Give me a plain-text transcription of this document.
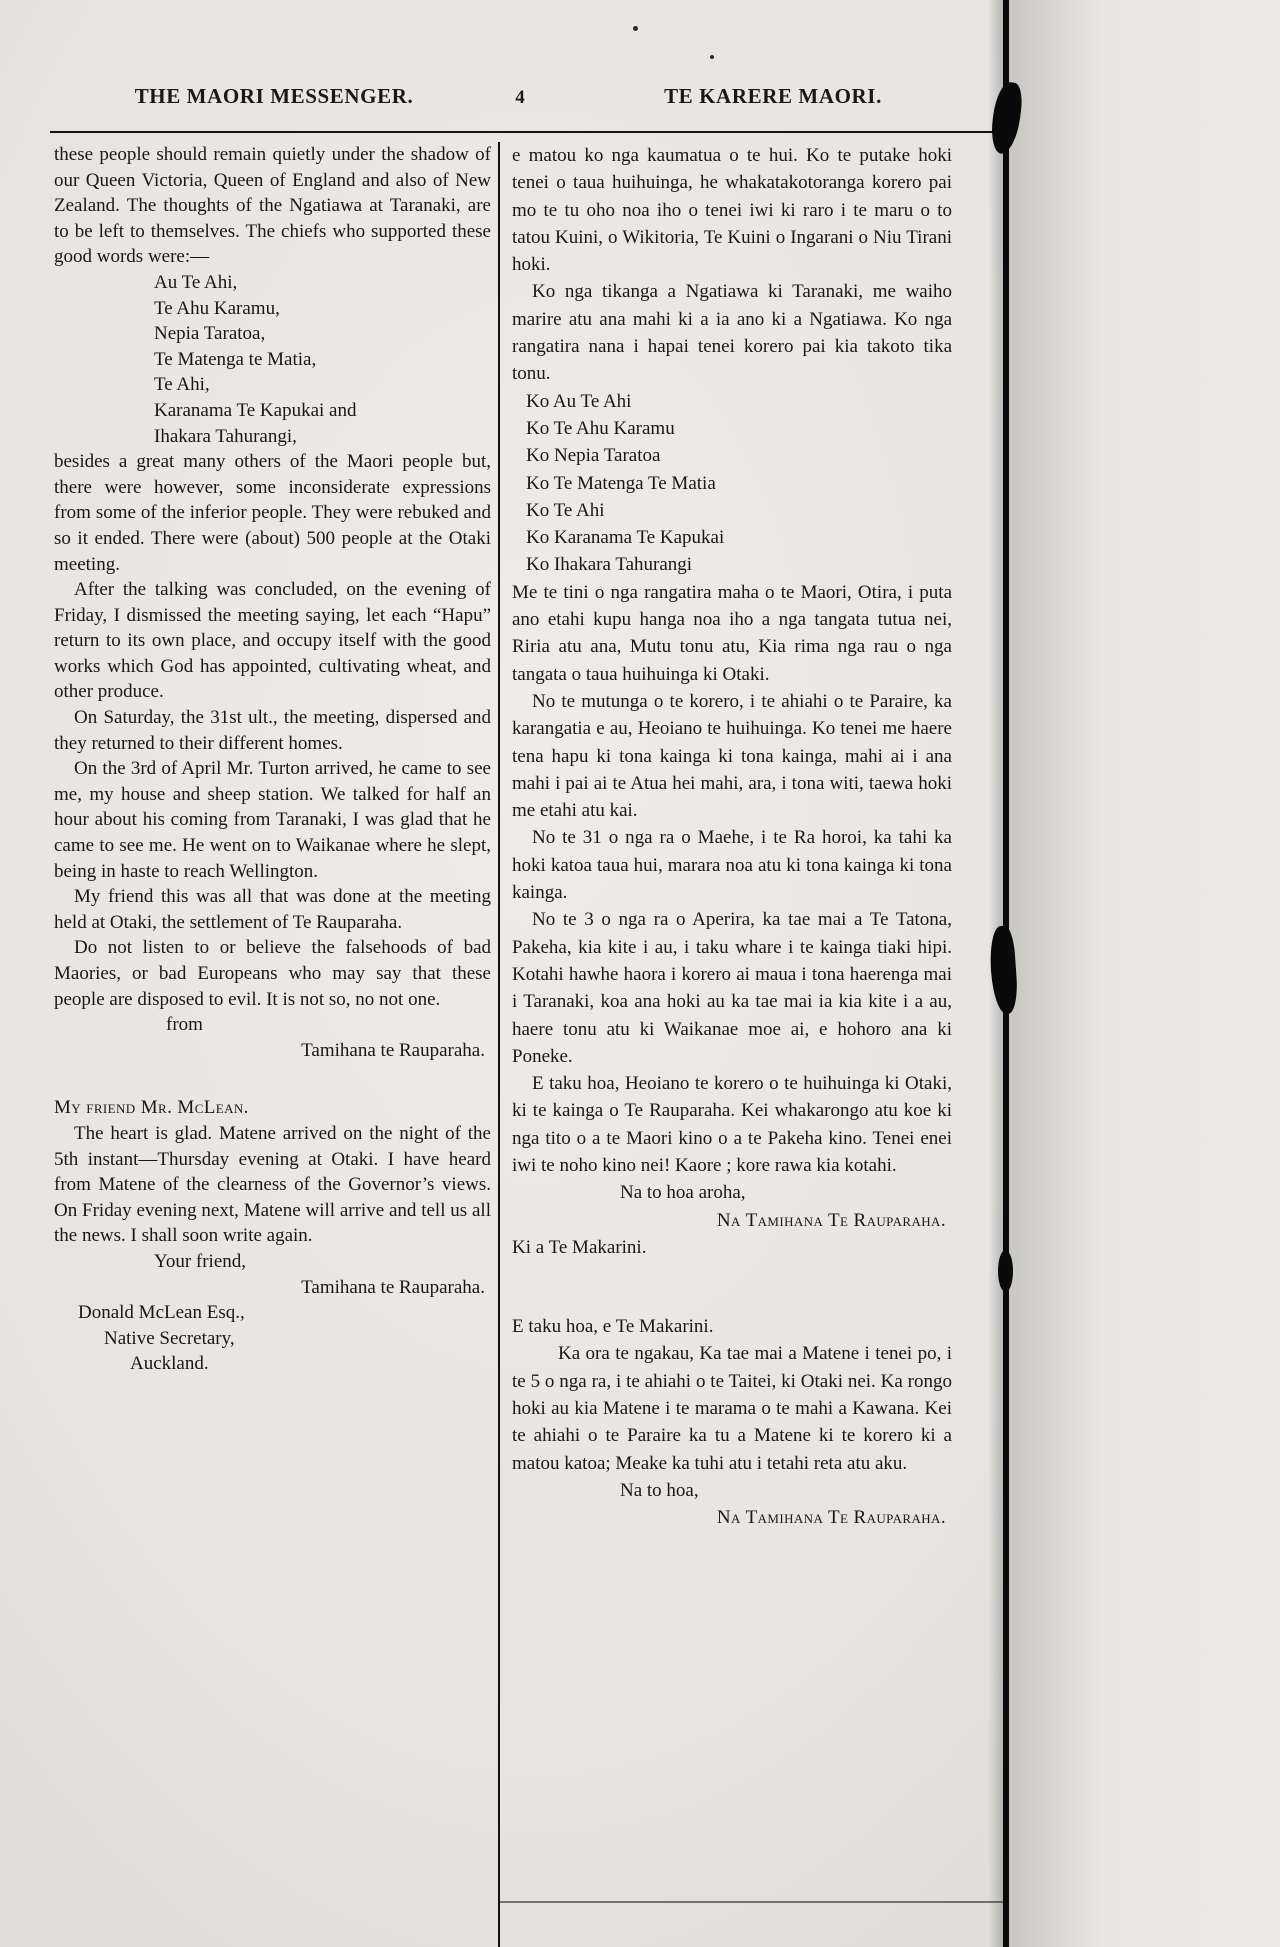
THE MAORI MESSENGER.	4	TE KARERE MAORI.

these people should remain quietly under the shadow of our Queen Victoria, Queen of England and also of New Zealand. The thoughts of the Ngatiawa at Taranaki, are to be left to themselves. The chiefs who supported these good words were:—

Au Te Ahi,
Te Ahu Karamu,
Nepia Taratoa,
Te Matenga te Matia,
Te Ahi,
Karanama Te Kapukai and
Ihakara Tahurangi,

besides a great many others of the Maori people but, there were however, some inconsiderate expressions from some of the inferior people. They were rebuked and so it ended. There were (about) 500 people at the Otaki meeting.

After the talking was concluded, on the evening of Friday, I dismissed the meeting saying, let each “Hapu” return to its own place, and occupy itself with the good works which God has appointed, cultivating wheat, and other produce.

On Saturday, the 31st ult., the meeting, dispersed and they returned to their different homes.

On the 3rd of April Mr. Turton arrived, he came to see me, my house and sheep station. We talked for half an hour about his coming from Taranaki, I was glad that he came to see me. He went on to Waikanae where he slept, being in haste to reach Wellington.

My friend this was all that was done at the meeting held at Otaki, the settlement of Te Rauparaha.

Do not listen to or believe the falsehoods of bad Maories, or bad Europeans who may say that these people are disposed to evil. It is not so, no not one.

from

Tamihana te Rauparaha.

My friend Mr. McLean.

The heart is glad. Matene arrived on the night of the 5th instant—Thursday evening at Otaki. I have heard from Matene of the clearness of the Governor’s views. On Friday evening next, Matene will arrive and tell us all the news. I shall soon write again.

Your friend,

Tamihana te Rauparaha.

Donald McLean Esq.,

Native Secretary,

Auckland.

e matou ko nga kaumatua o te hui. Ko te putake hoki tenei o taua huihuinga, he whakatakotoranga korero pai mo te tu oho noa iho o tenei iwi ki raro i te maru o to tatou Kuini, o Wikitoria, Te Kuini o Ingarani o Niu Tirani hoki.

Ko nga tikanga a Ngatiawa ki Taranaki, me waiho marire atu ana mahi ki a ia ano ki a Ngatiawa. Ko nga rangatira nana i hapai tenei korero pai kia takoto tika tonu.

Ko Au Te Ahi
Ko Te Ahu Karamu
Ko Nepia Taratoa
Ko Te Matenga Te Matia
Ko Te Ahi
Ko Karanama Te Kapukai
Ko Ihakara Tahurangi

Me te tini o nga rangatira maha o te Maori, Otira, i puta ano etahi kupu hanga noa iho a nga tangata tutua nei, Riria atu ana, Mutu tonu atu, Kia rima nga rau o nga tangata o taua huihuinga ki Otaki.

No te mutunga o te korero, i te ahiahi o te Paraire, ka karangatia e au, Heoiano te huihuinga. Ko tenei me haere tena hapu ki tona kainga ki tona kainga, mahi ai i ana mahi i pai ai te Atua hei mahi, ara, i tona witi, taewa hoki me etahi atu kai.

No te 31 o nga ra o Maehe, i te Ra horoi, ka tahi ka hoki katoa taua hui, marara noa atu ki tona kainga ki tona kainga.

No te 3 o nga ra o Aperira, ka tae mai a Te Tatona, Pakeha, kia kite i au, i taku whare i te kainga tiaki hipi. Kotahi hawhe haora i korero ai maua i tona haerenga mai i Taranaki, koa ana hoki au ka tae mai ia kia kite i a au, haere tonu atu ki Waikanae moe ai, e hohoro ana ki Poneke.

E taku hoa, Heoiano te korero o te huihuinga ki Otaki, ki te kainga o Te Rauparaha. Kei whakarongo atu koe ki nga tito o a te Maori kino o a te Pakeha kino. Tenei enei iwi te noho kino nei! Kaore ; kore rawa kia kotahi.

Na to hoa aroha,

Na Tamihana Te Rauparaha.

Ki a Te Makarini.

E taku hoa, e Te Makarini.

Ka ora te ngakau, Ka tae mai a Matene i tenei po, i te 5 o nga ra, i te ahiahi o te Taitei, ki Otaki nei. Ka rongo hoki au kia Matene i te marama o te mahi a Kawana. Kei te ahiahi o te Paraire ka tu a Matene ki te korero ki a matou katoa; Meake ka tuhi atu i tetahi reta atu aku.

Na to hoa,

Na Tamihana Te Rauparaha.
